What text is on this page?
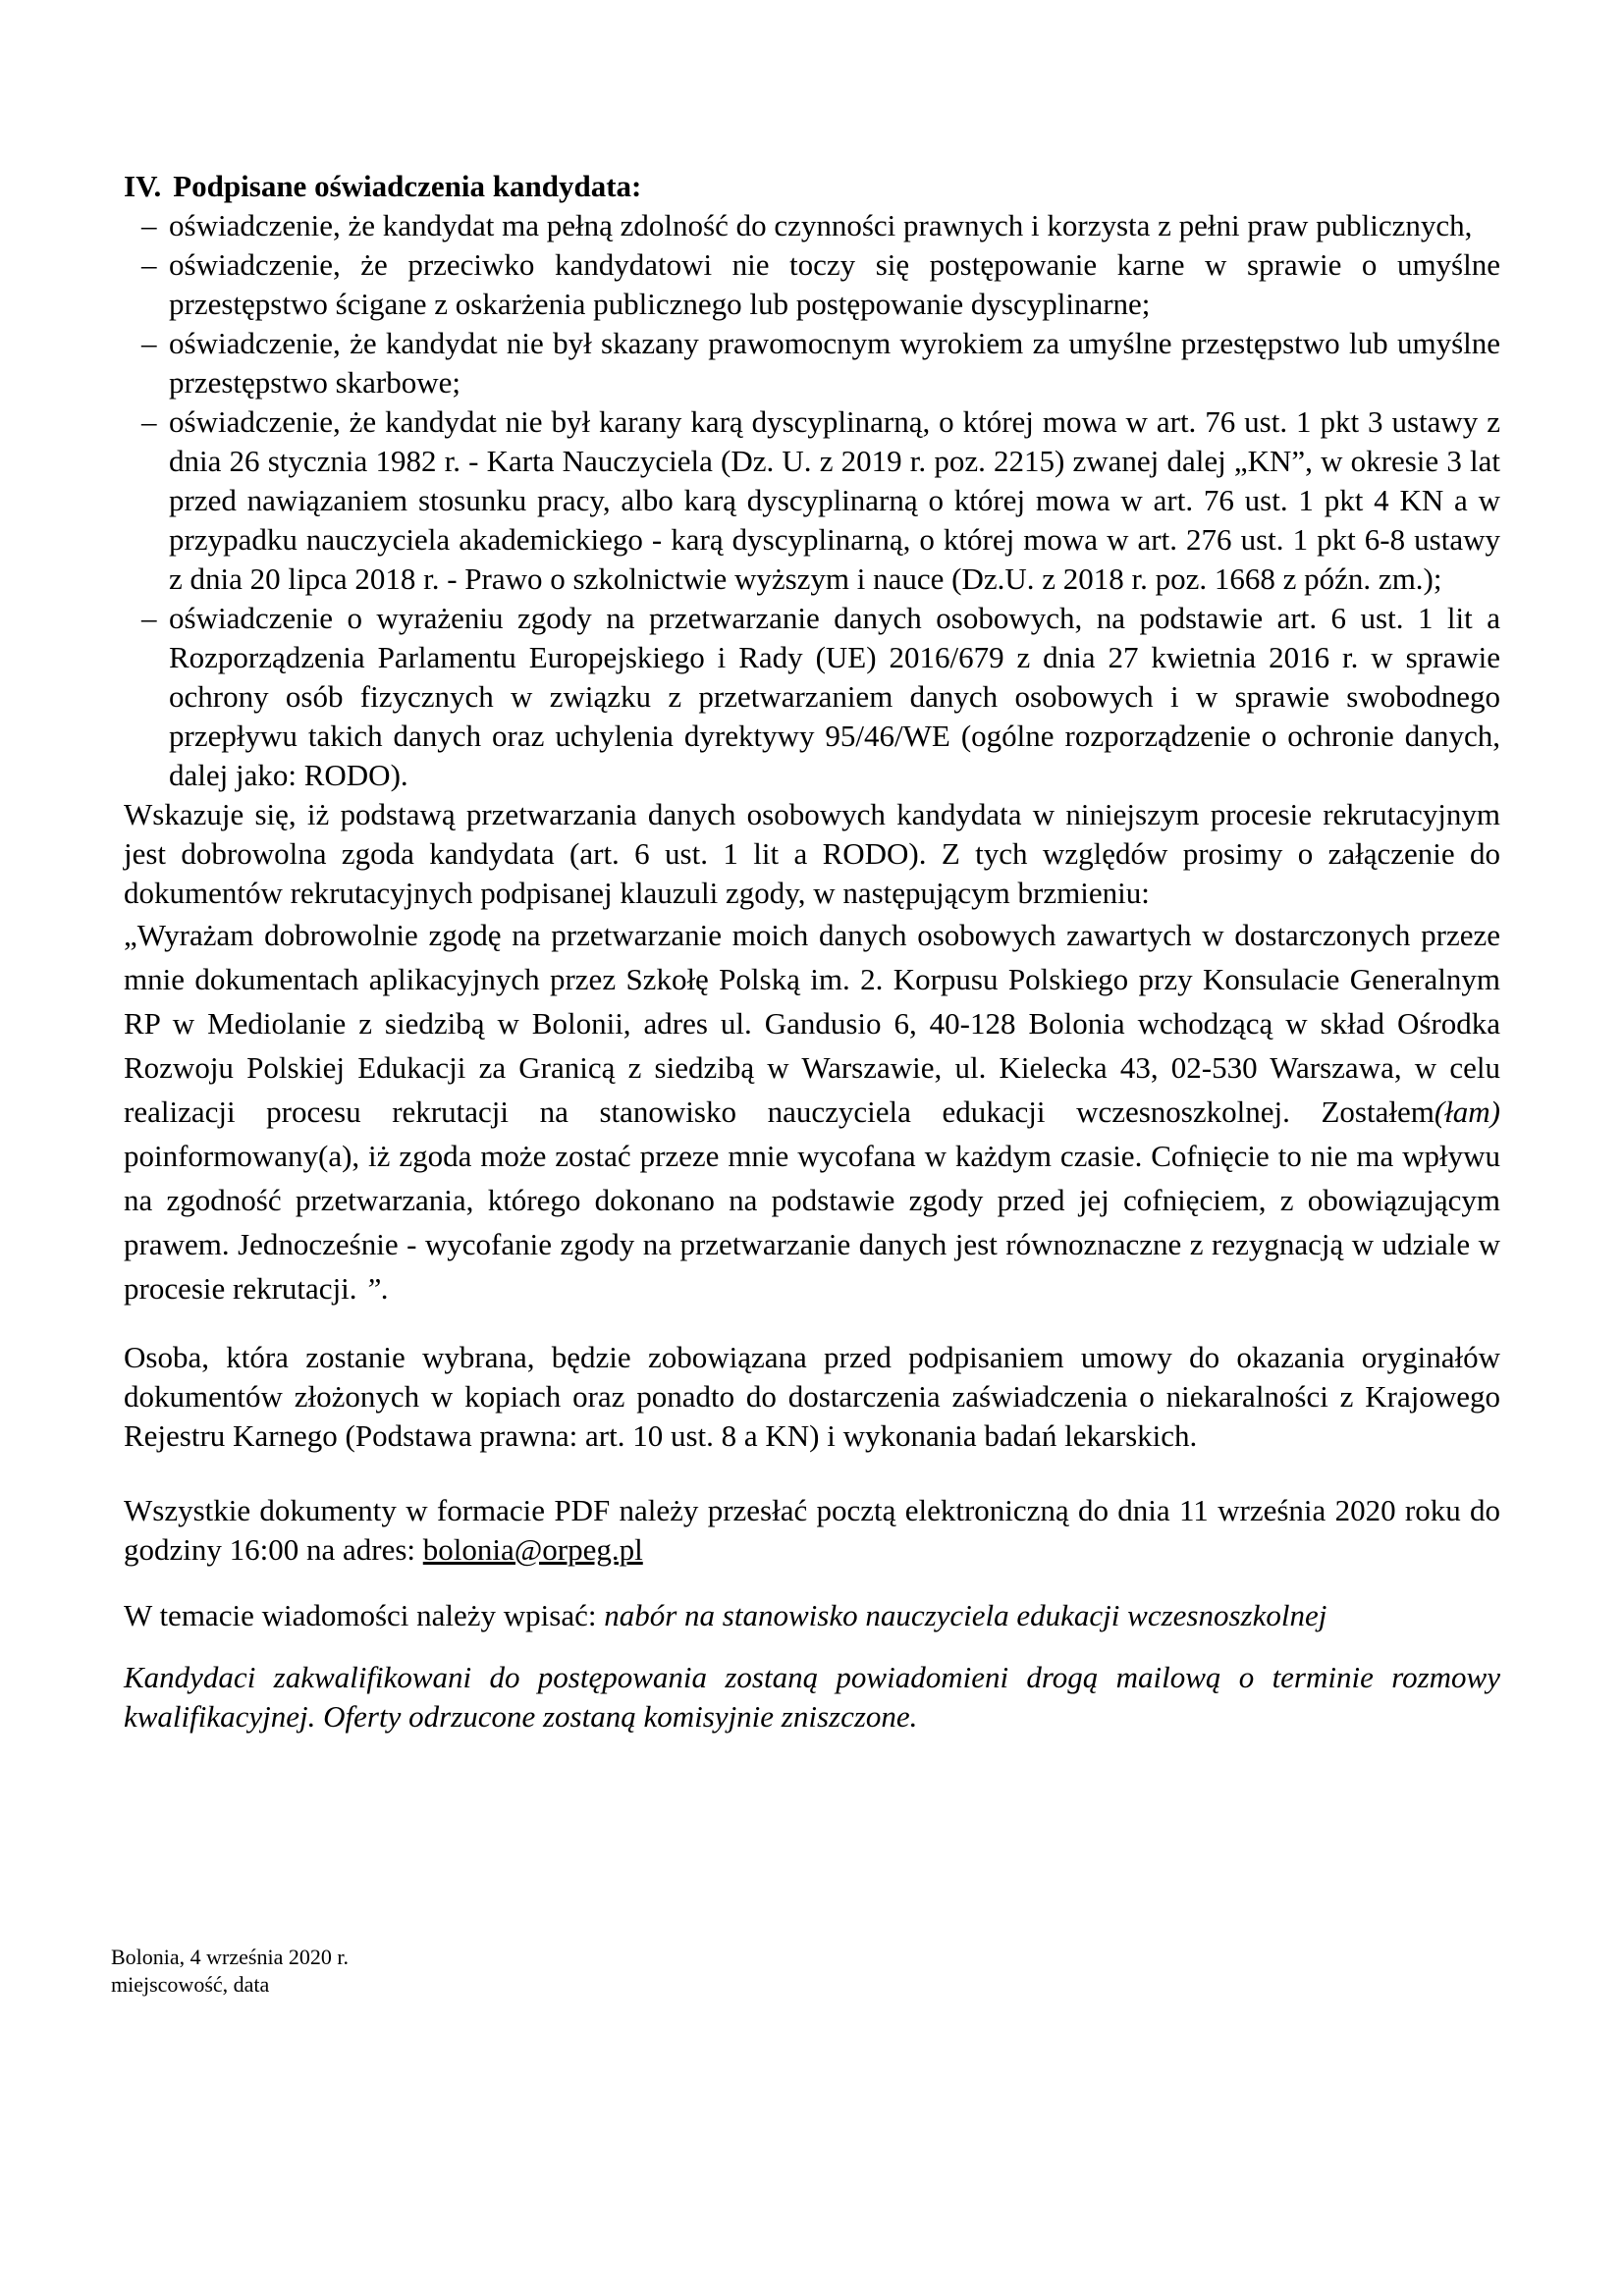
IV. Podpisane oświadczenia kandydata:
– oświadczenie, że kandydat ma pełną zdolność do czynności prawnych i korzysta z pełni praw publicznych,
– oświadczenie, że przeciwko kandydatowi nie toczy się postępowanie karne w sprawie o umyślne przestępstwo ścigane z oskarżenia publicznego lub postępowanie dyscyplinarne;
– oświadczenie, że kandydat nie był skazany prawomocnym wyrokiem za umyślne przestępstwo lub umyślne przestępstwo skarbowe;
– oświadczenie, że kandydat nie był karany karą dyscyplinarną, o której mowa w art. 76 ust. 1 pkt 3 ustawy z dnia 26 stycznia 1982 r. - Karta Nauczyciela (Dz. U. z 2019 r. poz. 2215) zwanej dalej „KN”, w okresie 3 lat przed nawiązaniem stosunku pracy, albo karą dyscyplinarną o której mowa w art. 76 ust. 1 pkt 4 KN a w przypadku nauczyciela akademickiego - karą dyscyplinarną, o której mowa w art. 276 ust. 1 pkt 6-8 ustawy z dnia 20 lipca 2018 r. - Prawo o szkolnictwie wyższym i nauce (Dz.U. z 2018 r. poz. 1668 z późn. zm.);
– oświadczenie o wyrażeniu zgody na przetwarzanie danych osobowych, na podstawie art. 6 ust. 1 lit a Rozporządzenia Parlamentu Europejskiego i Rady (UE) 2016/679 z dnia 27 kwietnia 2016 r. w sprawie ochrony osób fizycznych w związku z przetwarzaniem danych osobowych i w sprawie swobodnego przepływu takich danych oraz uchylenia dyrektywy 95/46/WE (ogólne rozporządzenie o ochronie danych, dalej jako: RODO).

Wskazuje się, iż podstawą przetwarzania danych osobowych kandydata w niniejszym procesie rekrutacyjnym jest dobrowolna zgoda kandydata (art. 6 ust. 1 lit a RODO). Z tych względów prosimy o załączenie do dokumentów rekrutacyjnych podpisanej klauzuli zgody, w następującym brzmieniu:

„Wyrażam dobrowolnie zgodę na przetwarzanie moich danych osobowych zawartych w dostarczonych przeze mnie dokumentach aplikacyjnych przez Szkołę Polską im. 2. Korpusu Polskiego przy Konsulacie Generalnym RP w Mediolanie z siedzibą w Bolonii, adres ul. Gandusio 6, 40-128 Bolonia wchodzącą w skład Ośrodka Rozwoju Polskiej Edukacji za Granicą z siedzibą w Warszawie, ul. Kielecka 43, 02-530 Warszawa, w celu realizacji procesu rekrutacji na stanowisko nauczyciela edukacji wczesnoszkolnej. Zostałem(łam) poinformowany(a), iż zgoda może zostać przeze mnie wycofana w każdym czasie. Cofnięcie to nie ma wpływu na zgodność przetwarzania, którego dokonano na podstawie zgody przed jej cofnięciem, z obowiązującym prawem. Jednocześnie - wycofanie zgody na przetwarzanie danych jest równoznaczne z rezygnacją w udziale w procesie rekrutacji. ”.

Osoba, która zostanie wybrana, będzie zobowiązana przed podpisaniem umowy do okazania oryginałów dokumentów złożonych w kopiach oraz ponadto do dostarczenia zaświadczenia o niekaralności z Krajowego Rejestru Karnego (Podstawa prawna: art. 10 ust. 8 a KN) i wykonania badań lekarskich.

Wszystkie dokumenty w formacie PDF należy przesłać pocztą elektroniczną do dnia 11 września 2020 roku do godziny 16:00 na adres: bolonia@orpeg.pl

W temacie wiadomości należy wpisać: nabór na stanowisko nauczyciela edukacji wczesnoszkolnej

Kandydaci zakwalifikowani do postępowania zostaną powiadomieni drogą mailową o terminie rozmowy kwalifikacyjnej. Oferty odrzucone zostaną komisyjnie zniszczone.

Bolonia, 4 września 2020 r.
miejscowość, data
